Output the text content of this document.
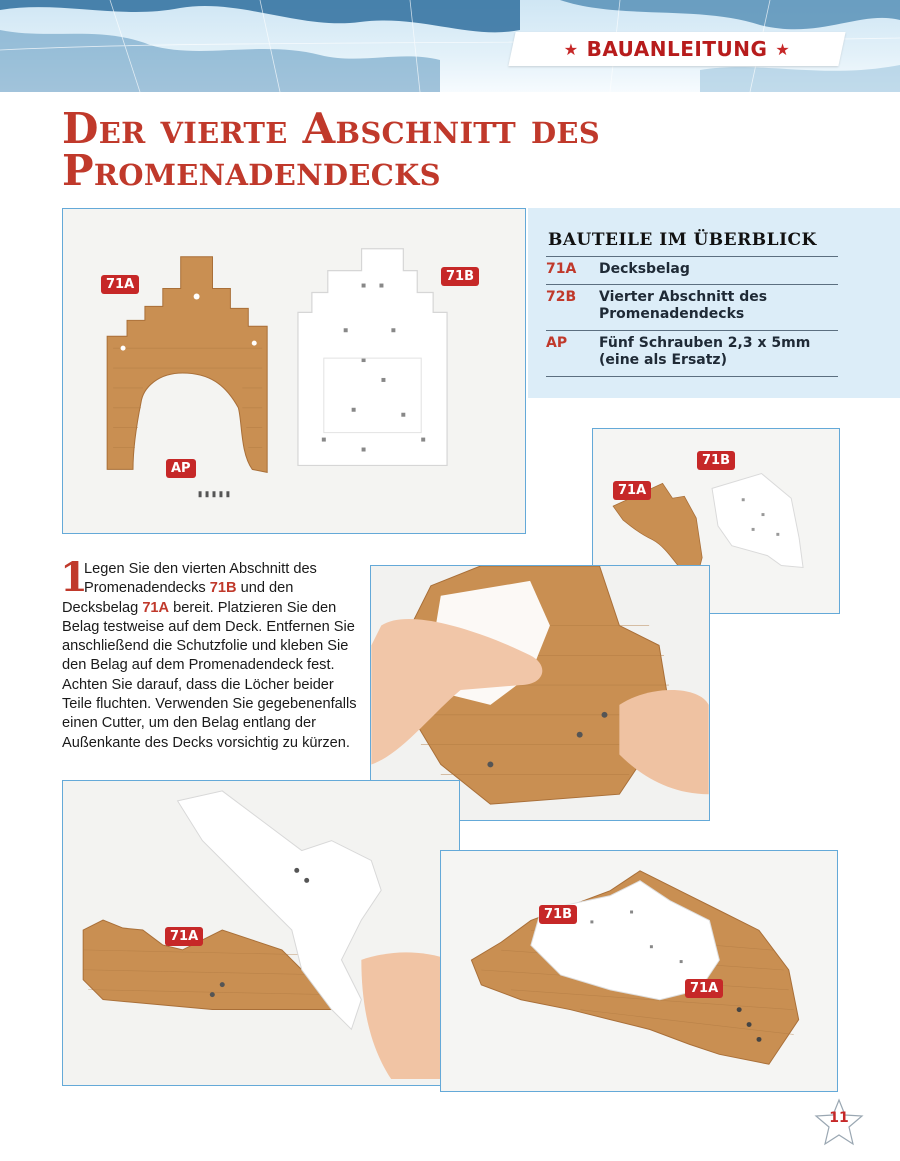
★ BAUANLEITUNG ★
Der vierte Abschnitt des Promenadendecks
71A
71B
AP
BAUTEILE IM ÜBERBLICK
71A	Decksbelag
72B	Vierter Abschnitt des Promenadendecks
AP	Fünf Schrauben 2,3 x 5mm (eine als Ersatz)
71B
71A
1
Legen Sie den vierten Abschnitt des Promenadendecks 71B und den Decksbelag 71A bereit. Platzieren Sie den Belag testweise auf dem Deck. Entfernen Sie anschließend die Schutzfolie und kleben Sie den Belag auf dem Promenadendeck fest. Achten Sie darauf, dass die Löcher beider Teile fluchten. Verwenden Sie gegebenenfalls einen Cutter, um den Belag entlang der Außenkante des Decks vorsichtig zu kürzen.
71A
71B
71A
11
